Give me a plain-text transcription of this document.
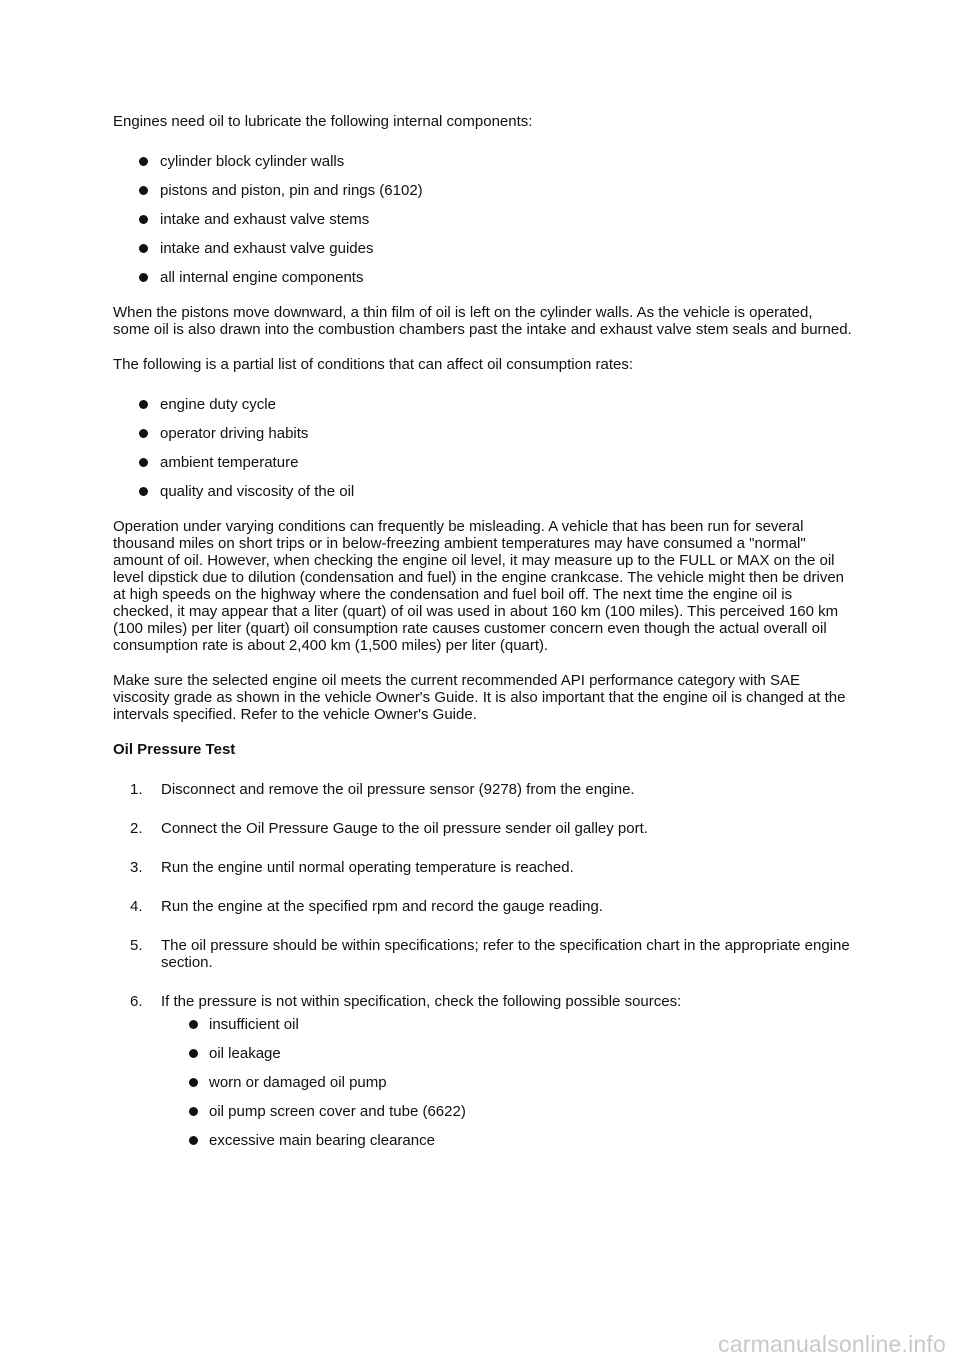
Engines need oil to lubricate the following internal components:

cylinder block cylinder walls
pistons and piston, pin and rings (6102)
intake and exhaust valve stems
intake and exhaust valve guides
all internal engine components

When the pistons move downward, a thin film of oil is left on the cylinder walls. As the vehicle is operated, some oil is also drawn into the combustion chambers past the intake and exhaust valve stem seals and burned.

The following is a partial list of conditions that can affect oil consumption rates:

engine duty cycle
operator driving habits
ambient temperature
quality and viscosity of the oil

Operation under varying conditions can frequently be misleading. A vehicle that has been run for several thousand miles on short trips or in below-freezing ambient temperatures may have consumed a "normal" amount of oil. However, when checking the engine oil level, it may measure up to the FULL or MAX on the oil level dipstick due to dilution (condensation and fuel) in the engine crankcase. The vehicle might then be driven at high speeds on the highway where the condensation and fuel boil off. The next time the engine oil is checked, it may appear that a liter (quart) of oil was used in about 160 km (100 miles). This perceived 160 km (100 miles) per liter (quart) oil consumption rate causes customer concern even though the actual overall oil consumption rate is about 2,400 km (1,500 miles) per liter (quart).

Make sure the selected engine oil meets the current recommended API performance category with SAE viscosity grade as shown in the vehicle Owner's Guide. It is also important that the engine oil is changed at the intervals specified. Refer to the vehicle Owner's Guide.

Oil Pressure Test

1. Disconnect and remove the oil pressure sensor (9278) from the engine.
2. Connect the Oil Pressure Gauge to the oil pressure sender oil galley port.
3. Run the engine until normal operating temperature is reached.
4. Run the engine at the specified rpm and record the gauge reading.
5. The oil pressure should be within specifications; refer to the specification chart in the appropriate engine section.
6. If the pressure is not within specification, check the following possible sources:
insufficient oil
oil leakage
worn or damaged oil pump
oil pump screen cover and tube (6622)
excessive main bearing clearance
carmanualsonline.info
